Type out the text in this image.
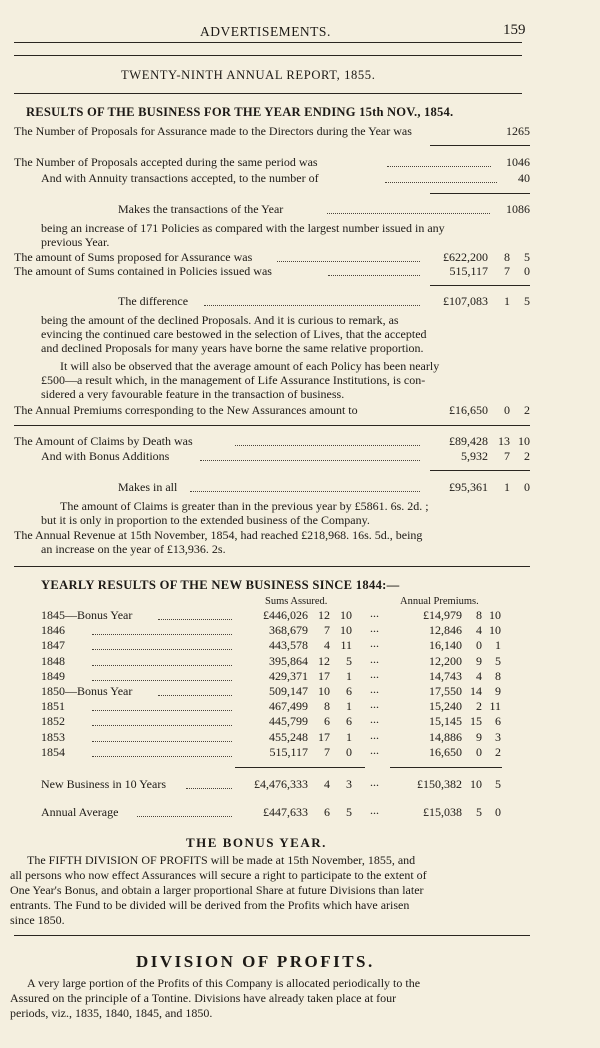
ADVERTISEMENTS.	159
TWENTY-NINTH ANNUAL REPORT, 1855.
RESULTS OF THE BUSINESS FOR THE YEAR ENDING 15th NOV., 1854.
The Number of Proposals for Assurance made to the Directors during the Year was	1265
The Number of Proposals accepted during the same period was	1046
And with Annuity transactions accepted, to the number of	40
Makes the transactions of the Year	1086
being an increase of 171 Policies as compared with the largest number issued in any
previous Year.
The amount of Sums proposed for Assurance was	£622,200	8	5
The amount of Sums contained in Policies issued was	515,117	7	0
The difference	£107,083	1	5
being the amount of the declined Proposals. And it is curious to remark, as
evincing the continued care bestowed in the selection of Lives, that the accepted
and declined Proposals for many years have borne the same relative proportion.
It will also be observed that the average amount of each Policy has been nearly
£500—a result which, in the management of Life Assurance Institutions, is con-
sidered a very favourable feature in the transaction of business.
The Annual Premiums corresponding to the New Assurances amount to	£16,650	0	2
The Amount of Claims by Death was	£89,428 13 10
And with Bonus Additions	5,932	7	2
Makes in all	£95,361	1	0
The amount of Claims is greater than in the previous year by £5861. 6s. 2d. ;
but it is only in proportion to the extended business of the Company.
The Annual Revenue at 15th November, 1854, had reached £218,968. 16s. 5d., being
an increase on the year of £13,936. 2s.
YEARLY RESULTS OF THE NEW BUSINESS SINCE 1844:—
Sums Assured.	Annual Premiums.
1845—Bonus Year	£446,026 12 10 ...	£14,979	8 10
1846	368,679	7 10 ...	12,846	4 10
1847	443,578	4 11 ...	16,140	0	1
1848	395,864 12	5 ...	12,200	9	5
1849	429,371 17	1 ...	14,743	4	8
1850—Bonus Year	509,147 10	6 ...	17,550 14	9
1851	467,499	8	1 ...	15,240	2 11
1852	445,799	6	6 ...	15,145 15	6
1853	455,248 17	1 ...	14,886	9	3
1854	515,117	7	0 ...	16,650	0	2
New Business in 10 Years	£4,476,333	4	3 ...	£150,382 10	5
Annual Average	£447,633	6	5 ...	£15,038	5	0
THE BONUS YEAR.
The FIFTH DIVISION OF PROFITS will be made at 15th November, 1855, and
all persons who now effect Assurances will secure a right to participate to the extent of
One Year's Bonus, and obtain a larger proportional Share at future Divisions than later
entrants. The Fund to be divided will be derived from the Profits which have arisen
since 1850.
DIVISION OF PROFITS.
A very large portion of the Profits of this Company is allocated periodically to the
Assured on the principle of a Tontine. Divisions have already taken place at four
periods, viz., 1835, 1840, 1845, and 1850.
